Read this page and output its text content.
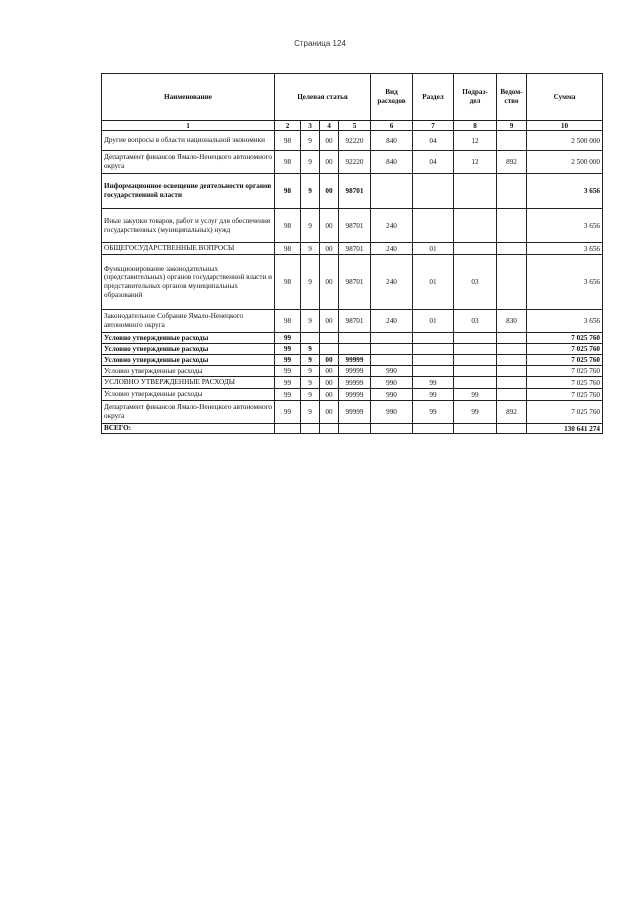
Страница 124
Наименование	Целевая статья				Вид расходов	Раздел	Подраз- дел	Ведом- ство	Сумма
1	2	3	4	5	6	7	8	9	10
Другие вопросы в области национальной экономики	98	9	00	92220	840	04	12		2 500 000
Департамент финансов Ямало-Ненецкого автономного округа	98	9	00	92220	840	04	12	892	2 500 000
Информационное освещение деятельности органов государственной власти	98	9	00	98701					3 656
Иные закупки товаров, работ и услуг для обеспечения государственных (муниципальных) нужд	98	9	00	98701	240				3 656
ОБЩЕГОСУДАРСТВЕННЫЕ ВОПРОСЫ	98	9	00	98701	240	01			3 656
Функционирование законодательных (представительных) органов государственной власти и представительных органов муниципальных образований	98	9	00	98701	240	01	03		3 656
Законодательное Собрание Ямало-Ненецкого автономного округа	98	9	00	98701	240	01	03	830	3 656
Условно утвержденные расходы	99								7 025 760
Условно утвержденные расходы	99	9							7 025 760
Условно утвержденные расходы	99	9	00	99999					7 025 760
Условно утвержденные расходы	99	9	00	99999	990				7 025 760
УСЛОВНО УТВЕРЖДЕННЫЕ РАСХОДЫ	99	9	00	99999	990	99			7 025 760
Условно утвержденные расходы	99	9	00	99999	990	99	99		7 025 760
Департамент финансов Ямало-Ненецкого автономного округа	99	9	00	99999	990	99	99	892	7 025 760
ВСЕГО:									130 641 274
